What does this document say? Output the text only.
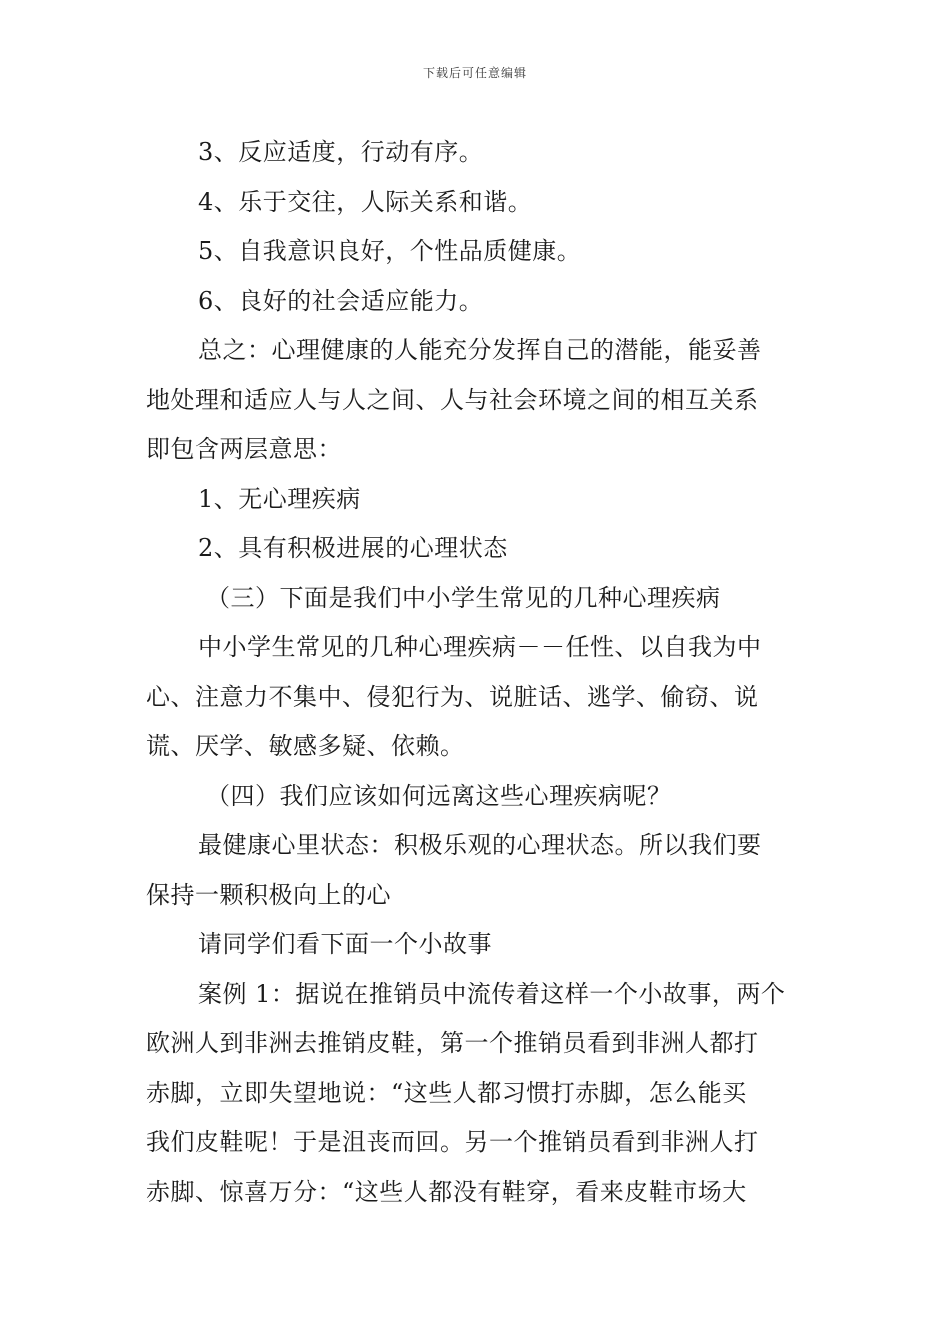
下载后可任意编辑
3、反应适度，行动有序。
4、乐于交往，人际关系和谐。
5、自我意识良好，个性品质健康。
6、良好的社会适应能力。
总之：心理健康的人能充分发挥自己的潜能，能妥善
地处理和适应人与人之间、人与社会环境之间的相互关系
即包含两层意思：
1、无心理疾病
2、具有积极进展的心理状态
（三）下面是我们中小学生常见的几种心理疾病
中小学生常见的几种心理疾病－－任性、以自我为中
心、注意力不集中、侵犯行为、说脏话、逃学、偷窃、说
谎、厌学、敏感多疑、依赖。
（四）我们应该如何远离这些心理疾病呢？
最健康心里状态：积极乐观的心理状态。所以我们要
保持一颗积极向上的心
请同学们看下面一个小故事
案例 1：据说在推销员中流传着这样一个小故事，两个
欧洲人到非洲去推销皮鞋，第一个推销员看到非洲人都打
赤脚，立即失望地说：“这些人都习惯打赤脚，怎么能买
我们皮鞋呢！于是沮丧而回。另一个推销员看到非洲人打
赤脚、惊喜万分：“这些人都没有鞋穿，看来皮鞋市场大
